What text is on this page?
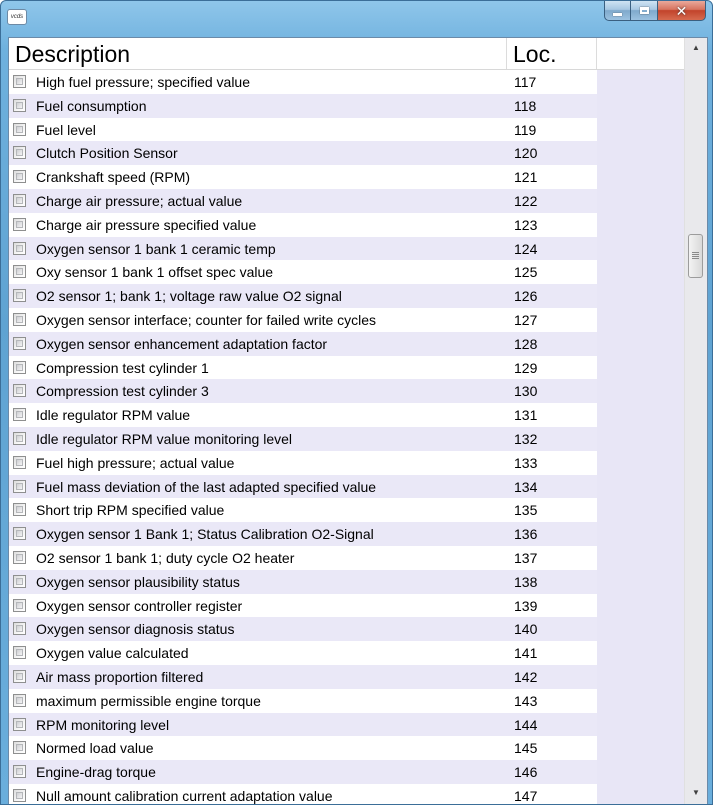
vcds	✕
Description	Loc.
High fuel pressure; specified value	117
Fuel consumption	118
Fuel level	119
Clutch Position Sensor	120
Crankshaft speed (RPM)	121
Charge air pressure; actual value	122
Charge air pressure specified value	123
Oxygen sensor 1 bank 1 ceramic temp	124
Oxy sensor 1 bank 1 offset spec value	125
O2 sensor 1; bank 1; voltage raw value O2 signal	126
Oxygen sensor interface; counter for failed write cycles	127
Oxygen sensor enhancement adaptation factor	128
Compression test cylinder 1	129
Compression test cylinder 3	130
Idle regulator RPM value	131
Idle regulator RPM value monitoring level	132
Fuel high pressure; actual value	133
Fuel mass deviation of the last adapted specified value	134
Short trip RPM specified value	135
Oxygen sensor 1 Bank 1; Status Calibration O2-Signal	136
O2 sensor 1 bank 1; duty cycle O2 heater	137
Oxygen sensor plausibility status	138
Oxygen sensor controller register	139
Oxygen sensor diagnosis status	140
Oxygen value calculated	141
Air mass proportion filtered	142
maximum permissible engine torque	143
RPM monitoring level	144
Normed load value	145
Engine-drag torque	146
Null amount calibration current adaptation value	147
▲
▼
